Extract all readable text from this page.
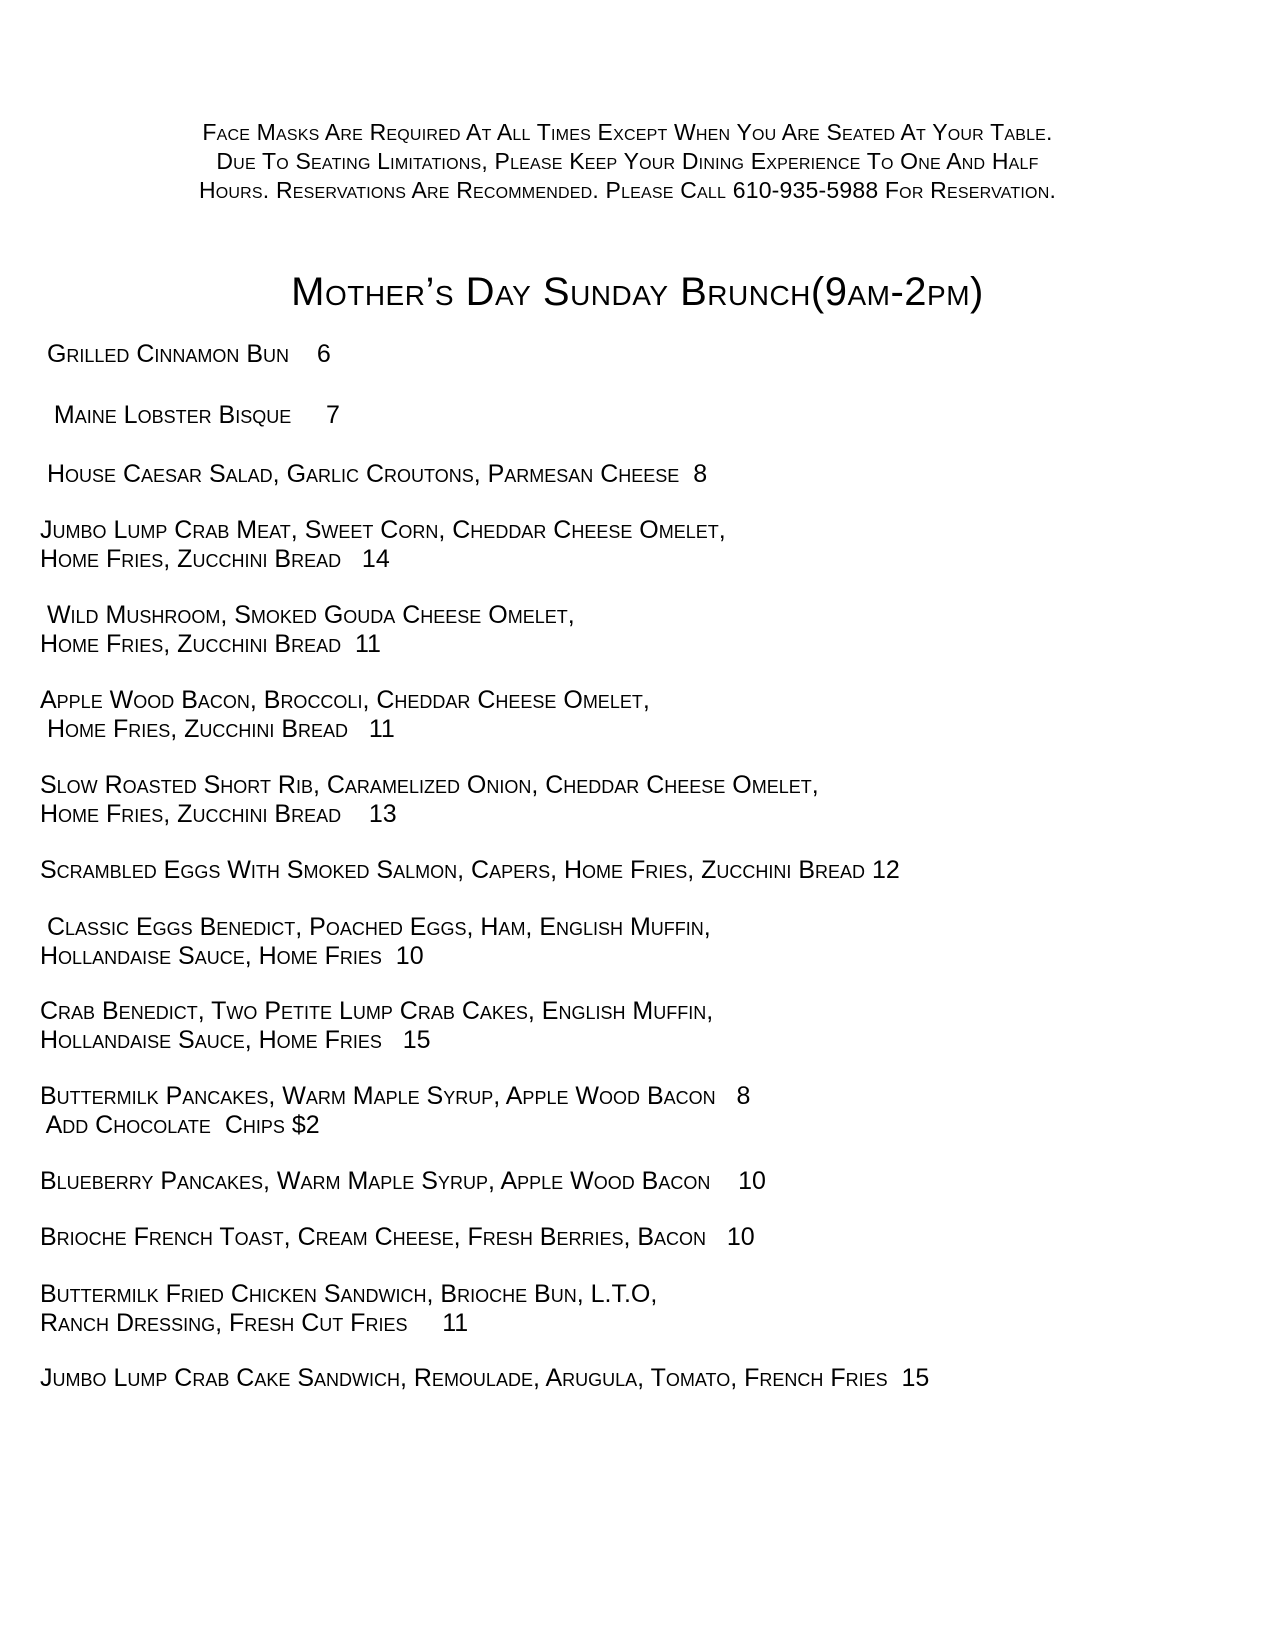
Face Masks Are Required At All Times Except When You Are Seated At Your Table.
Due To Seating Limitations, Please Keep Your Dining Experience To One And Half
Hours. Reservations Are Recommended. Please Call 610-935-5988 For Reservation.
Mother’s Day Sunday Brunch(9am-2pm)
Grilled Cinnamon Bun    6
Maine Lobster Bisque     7
House Caesar Salad, Garlic Croutons, Parmesan Cheese  8
Jumbo Lump Crab Meat, Sweet Corn, Cheddar Cheese Omelet,
Home Fries, Zucchini Bread   14
Wild Mushroom, Smoked Gouda Cheese Omelet,
Home Fries, Zucchini Bread  11
Apple Wood Bacon, Broccoli, Cheddar Cheese Omelet,
Home Fries, Zucchini Bread   11
Slow Roasted Short Rib, Caramelized Onion, Cheddar Cheese Omelet,
Home Fries, Zucchini Bread    13
Scrambled Eggs With Smoked Salmon, Capers, Home Fries, Zucchini Bread 12
Classic Eggs Benedict, Poached Eggs, Ham, English Muffin,
Hollandaise Sauce, Home Fries  10
Crab Benedict, Two Petite Lump Crab Cakes, English Muffin,
Hollandaise Sauce, Home Fries   15
Buttermilk Pancakes, Warm Maple Syrup, Apple Wood Bacon   8
Add Chocolate  Chips $2
Blueberry Pancakes, Warm Maple Syrup, Apple Wood Bacon    10
Brioche French Toast, Cream Cheese, Fresh Berries, Bacon   10
Buttermilk Fried Chicken Sandwich, Brioche Bun, L.T.O,
Ranch Dressing, Fresh Cut Fries     11
Jumbo Lump Crab Cake Sandwich, Remoulade, Arugula, Tomato, French Fries  15
